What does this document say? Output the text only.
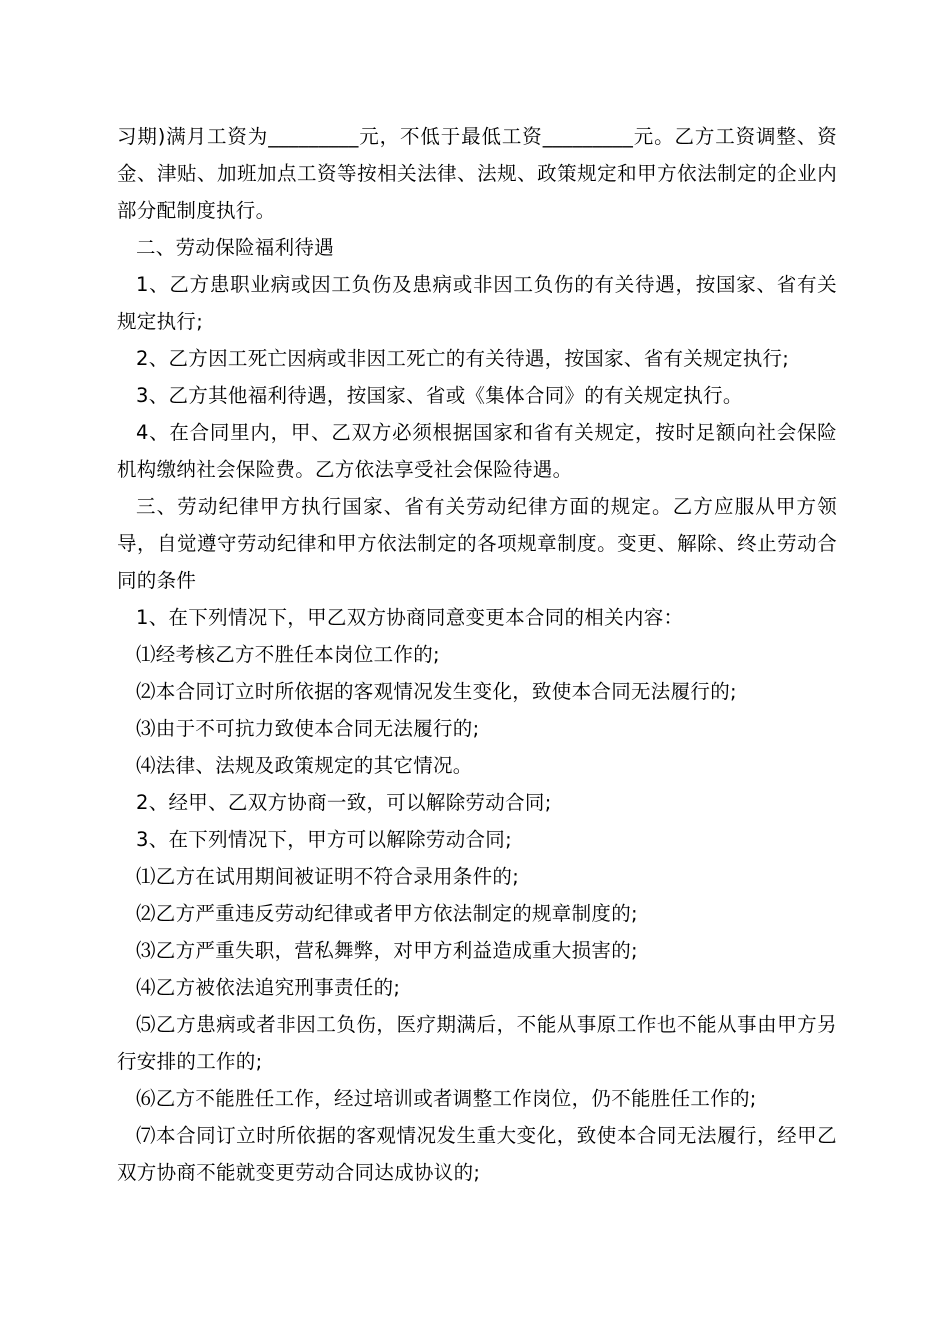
习期)满月工资为_________元，不低于最低工资_________元。乙方工资调整、资金、津贴、加班加点工资等按相关法律、法规、政策规定和甲方依法制定的企业内部分配制度执行。

二、劳动保险福利待遇

1、乙方患职业病或因工负伤及患病或非因工负伤的有关待遇，按国家、省有关规定执行;

2、乙方因工死亡因病或非因工死亡的有关待遇，按国家、省有关规定执行;

3、乙方其他福利待遇，按国家、省或《集体合同》的有关规定执行。

4、在合同里内，甲、乙双方必须根据国家和省有关规定，按时足额向社会保险机构缴纳社会保险费。乙方依法享受社会保险待遇。

三、劳动纪律甲方执行国家、省有关劳动纪律方面的规定。乙方应服从甲方领导，自觉遵守劳动纪律和甲方依法制定的各项规章制度。变更、解除、终止劳动合同的条件

1、在下列情况下，甲乙双方协商同意变更本合同的相关内容：

⑴经考核乙方不胜任本岗位工作的;

⑵本合同订立时所依据的客观情况发生变化，致使本合同无法履行的;

⑶由于不可抗力致使本合同无法履行的;

⑷法律、法规及政策规定的其它情况。

2、经甲、乙双方协商一致，可以解除劳动合同;

3、在下列情况下，甲方可以解除劳动合同;

⑴乙方在试用期间被证明不符合录用条件的;

⑵乙方严重违反劳动纪律或者甲方依法制定的规章制度的;

⑶乙方严重失职，营私舞弊，对甲方利益造成重大损害的;

⑷乙方被依法追究刑事责任的;

⑸乙方患病或者非因工负伤，医疗期满后，不能从事原工作也不能从事由甲方另行安排的工作的;

⑹乙方不能胜任工作，经过培训或者调整工作岗位，仍不能胜任工作的;

⑺本合同订立时所依据的客观情况发生重大变化，致使本合同无法履行，经甲乙双方协商不能就变更劳动合同达成协议的;
